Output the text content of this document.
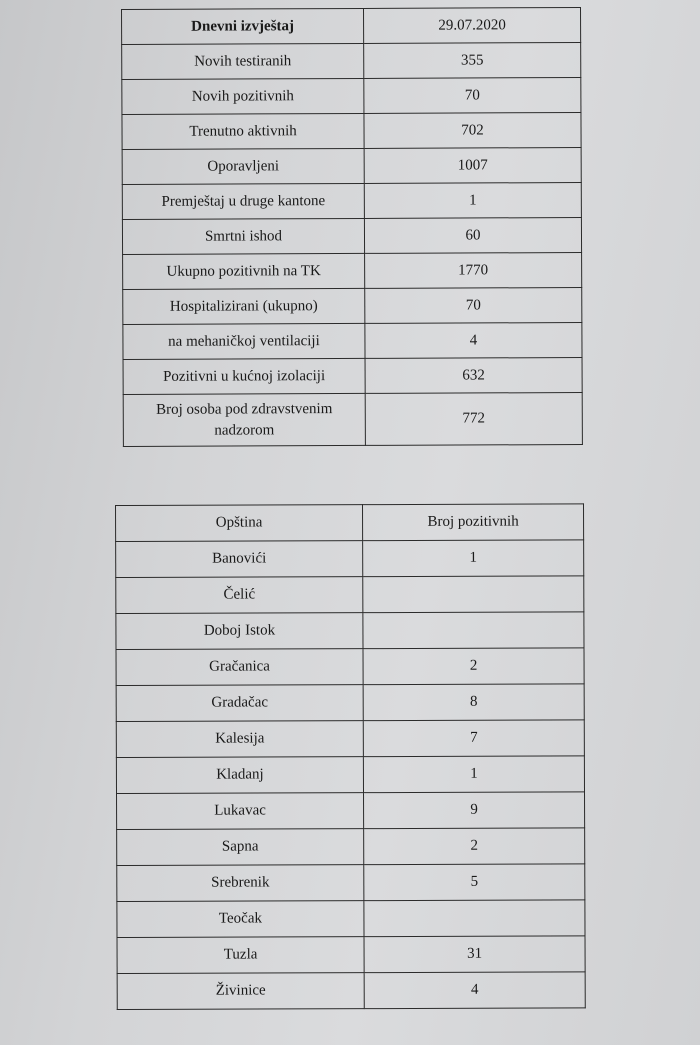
Dnevni izvještaj	29.07.2020
Novih testiranih	355
Novih pozitivnih	70
Trenutno aktivnih	702
Oporavljeni	1007
Premještaj u druge kantone	1
Smrtni ishod	60
Ukupno pozitivnih na TK	1770
Hospitalizirani (ukupno)	70
na mehaničkoj ventilaciji	4
Pozitivni u kućnoj izolaciji	632
Broj osoba pod zdravstvenim nadzorom	772
Opština	Broj pozitivnih
Banovići	1
Čelić	
Doboj Istok	
Gračanica	2
Gradačac	8
Kalesija	7
Kladanj	1
Lukavac	9
Sapna	2
Srebrenik	5
Teočak	
Tuzla	31
Živinice	4
